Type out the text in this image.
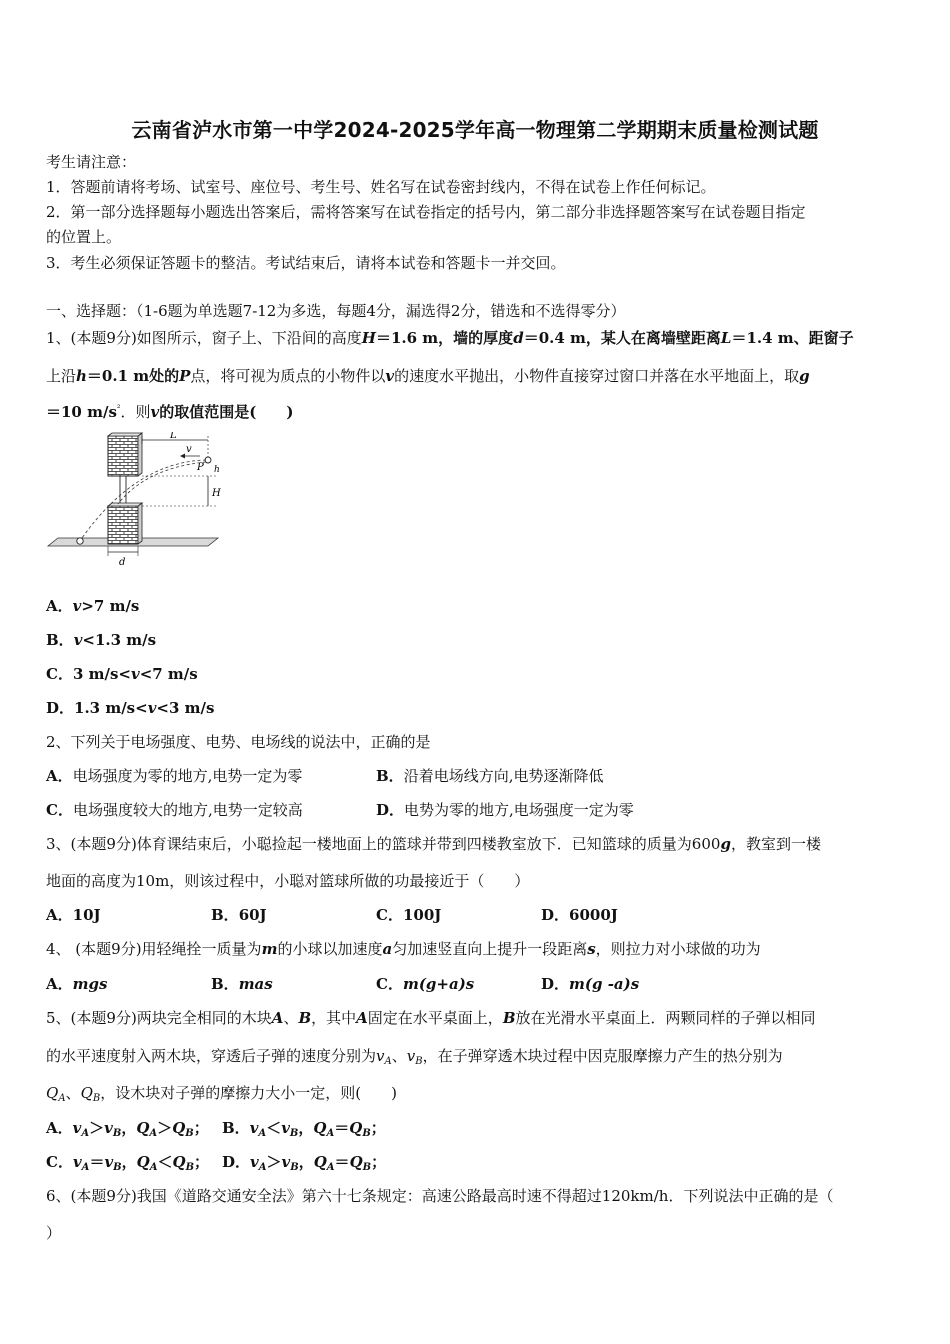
云南省泸水市第一中学2024-2025学年高一物理第二学期期末质量检测试题
考生请注意：
1．答题前请将考场、试室号、座位号、考生号、姓名写在试卷密封线内，不得在试卷上作任何标记。
2．第一部分选择题每小题选出答案后，需将答案写在试卷指定的括号内，第二部分非选择题答案写在试卷题目指定
的位置上。
3．考生必须保证答题卡的整洁。考试结束后，请将本试卷和答题卡一并交回。
一、选择题：（1-6题为单选题7-12为多选，每题4分，漏选得2分，错选和不选得零分）
1、(本题9分)如图所示，窗子上、下沿间的高度H＝1.6 m，墙的厚度d＝0.4 m，某人在离墙壁距离L＝1.4 m、距窗子
上沿h＝0.1 m处的P点，将可视为质点的小物件以v的速度水平抛出，小物件直接穿过窗口并落在水平地面上，取g
＝10 $m/s^{^2}$．则v的取值范围是(　　)
L
v
P h
H
d
A．v>7 m/s
B．v<1.3 m/s
C．3 m/s<v<7 m/s
D．1.3 m/s<v<3 m/s
2、下列关于电场强度、电势、电场线的说法中，正确的是
A．电场强度为零的地方,电势一定为零	B．沿着电场线方向,电势逐渐降低
C．电场强度较大的地方,电势一定较高	D．电势为零的地方,电场强度一定为零
3、(本题9分)体育课结束后，小聪捡起一楼地面上的篮球并带到四楼教室放下．已知篮球的质量为600g，教室到一楼
地面的高度为10m，则该过程中，小聪对篮球所做的功最接近于（　　）
A．10J	B．60J	C．100J	D．6000J
4、 (本题9分)用轻绳拴一质量为m的小球以加速度a匀加速竖直向上提升一段距离s，则拉力对小球做的功为
A．mgs	B．mas	C．m(g+a)s	D．m(g -a)s
5、(本题9分)两块完全相同的木块A、B，其中A固定在水平桌面上，B放在光滑水平桌面上．两颗同样的子弹以相同
的水平速度射入两木块，穿透后子弹的速度分别为$v_A$、$v_B$，在子弹穿透木块过程中因克服摩擦力产生的热分别为
$Q_A$、$Q_B$，设木块对子弹的摩擦力大小一定，则(　　)
A．$v_A>v_B$，$Q_A>Q_B$； B．$v_A<v_B$，$Q_A=Q_B$；
C．$v_A=v_B$，$Q_A<Q_B$； D．$v_A>v_B$，$Q_A=Q_B$；
6、(本题9分)我国《道路交通安全法》第六十七条规定：高速公路最高时速不得超过120km/h．下列说法中正确的是（
）
